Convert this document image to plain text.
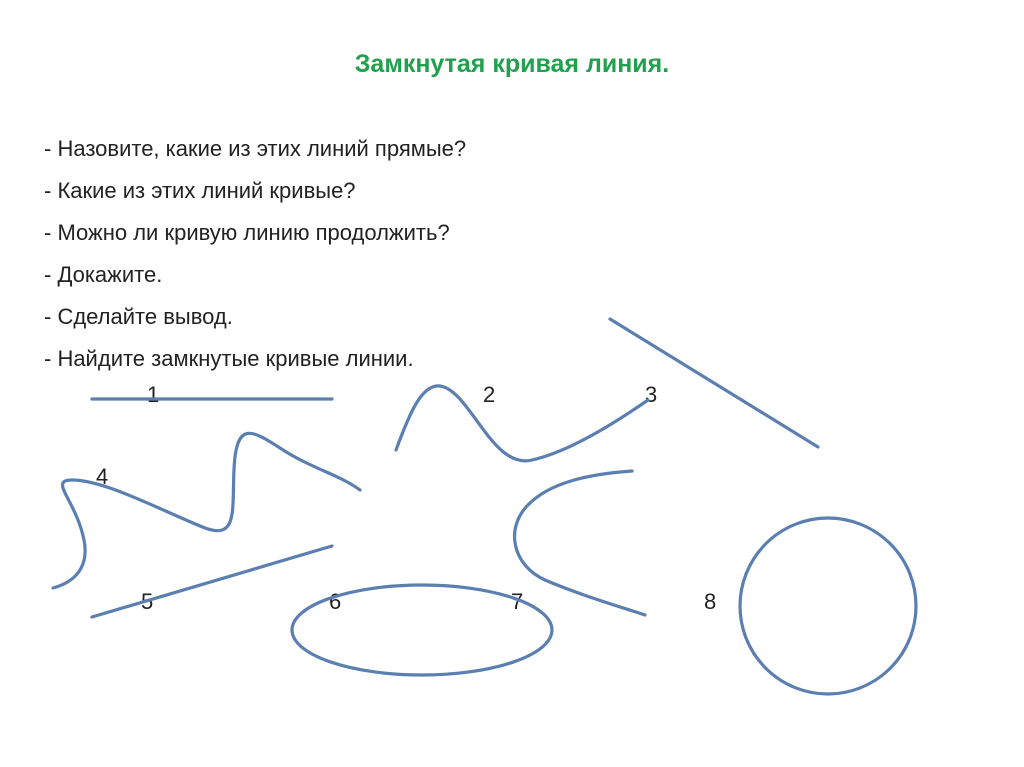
Замкнутая кривая линия.
- Назовите, какие из этих линий прямые?
- Какие из этих линий кривые?
- Можно ли кривую линию продолжить?
- Докажите.
- Сделайте вывод.
- Найдите замкнутые кривые линии.
1	2	3
4
5	6	7	8
